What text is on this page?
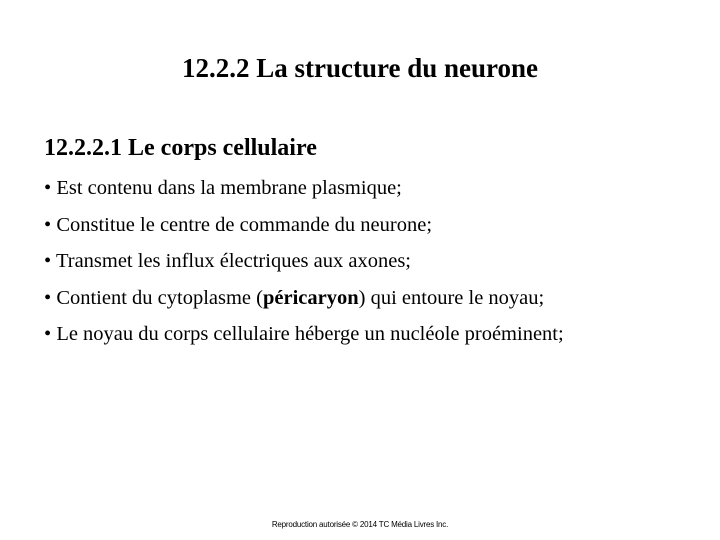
12.2.2 La structure du neurone
12.2.2.1 Le corps cellulaire
• Est contenu dans la membrane plasmique;
• Constitue le centre de commande du neurone;
• Transmet les influx électriques aux axones;
• Contient du cytoplasme (péricaryon) qui entoure le noyau;
• Le noyau du corps cellulaire héberge un nucléole proéminent;
Reproduction autorisée © 2014 TC Média Livres Inc.
